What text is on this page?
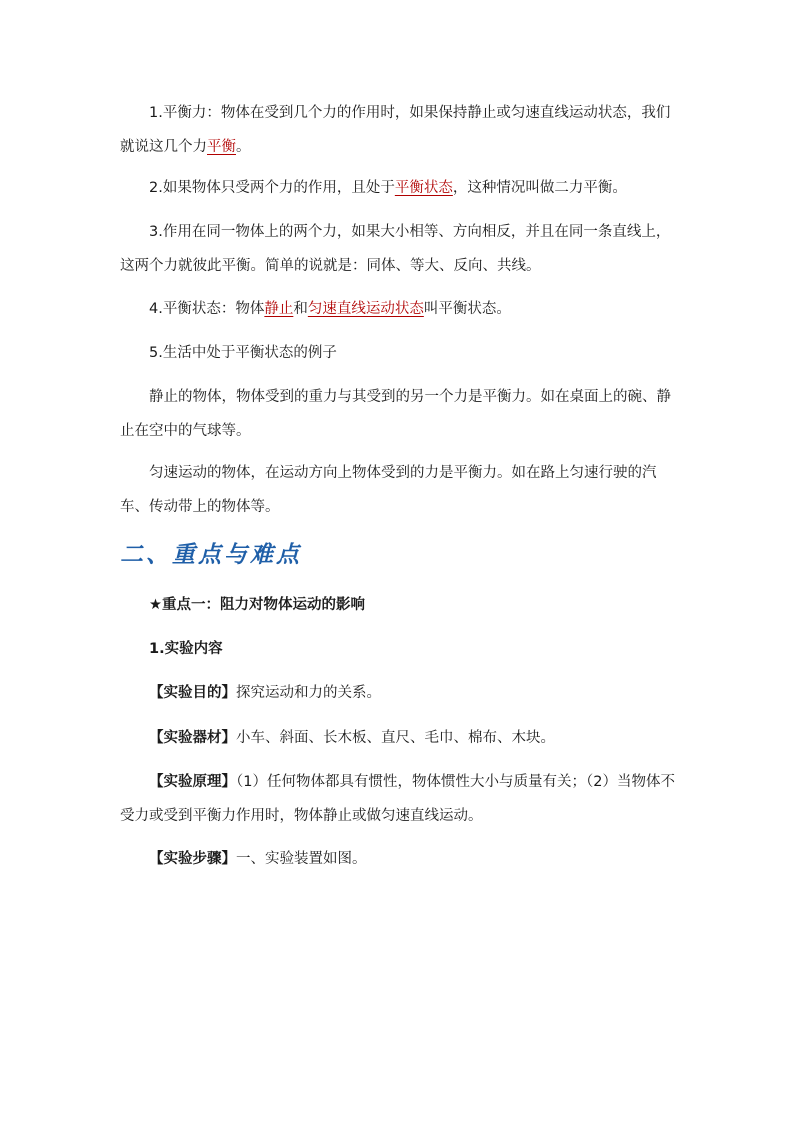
1.平衡力：物体在受到几个力的作用时，如果保持静止或匀速直线运动状态，我们就说这几个力平衡。

2.如果物体只受两个力的作用，且处于平衡状态，这种情况叫做二力平衡。

3.作用在同一物体上的两个力，如果大小相等、方向相反，并且在同一条直线上，这两个力就彼此平衡。简单的说就是：同体、等大、反向、共线。

4.平衡状态：物体静止和匀速直线运动状态叫平衡状态。

5.生活中处于平衡状态的例子

静止的物体，物体受到的重力与其受到的另一个力是平衡力。如在桌面上的碗、静止在空中的气球等。

匀速运动的物体，在运动方向上物体受到的力是平衡力。如在路上匀速行驶的汽车、传动带上的物体等。

二、重点与难点

★重点一：阻力对物体运动的影响

1.实验内容

【实验目的】探究运动和力的关系。

【实验器材】小车、斜面、长木板、直尺、毛巾、棉布、木块。

【实验原理】（1）任何物体都具有惯性，物体惯性大小与质量有关；（2）当物体不受力或受到平衡力作用时，物体静止或做匀速直线运动。

【实验步骤】一、实验装置如图。
